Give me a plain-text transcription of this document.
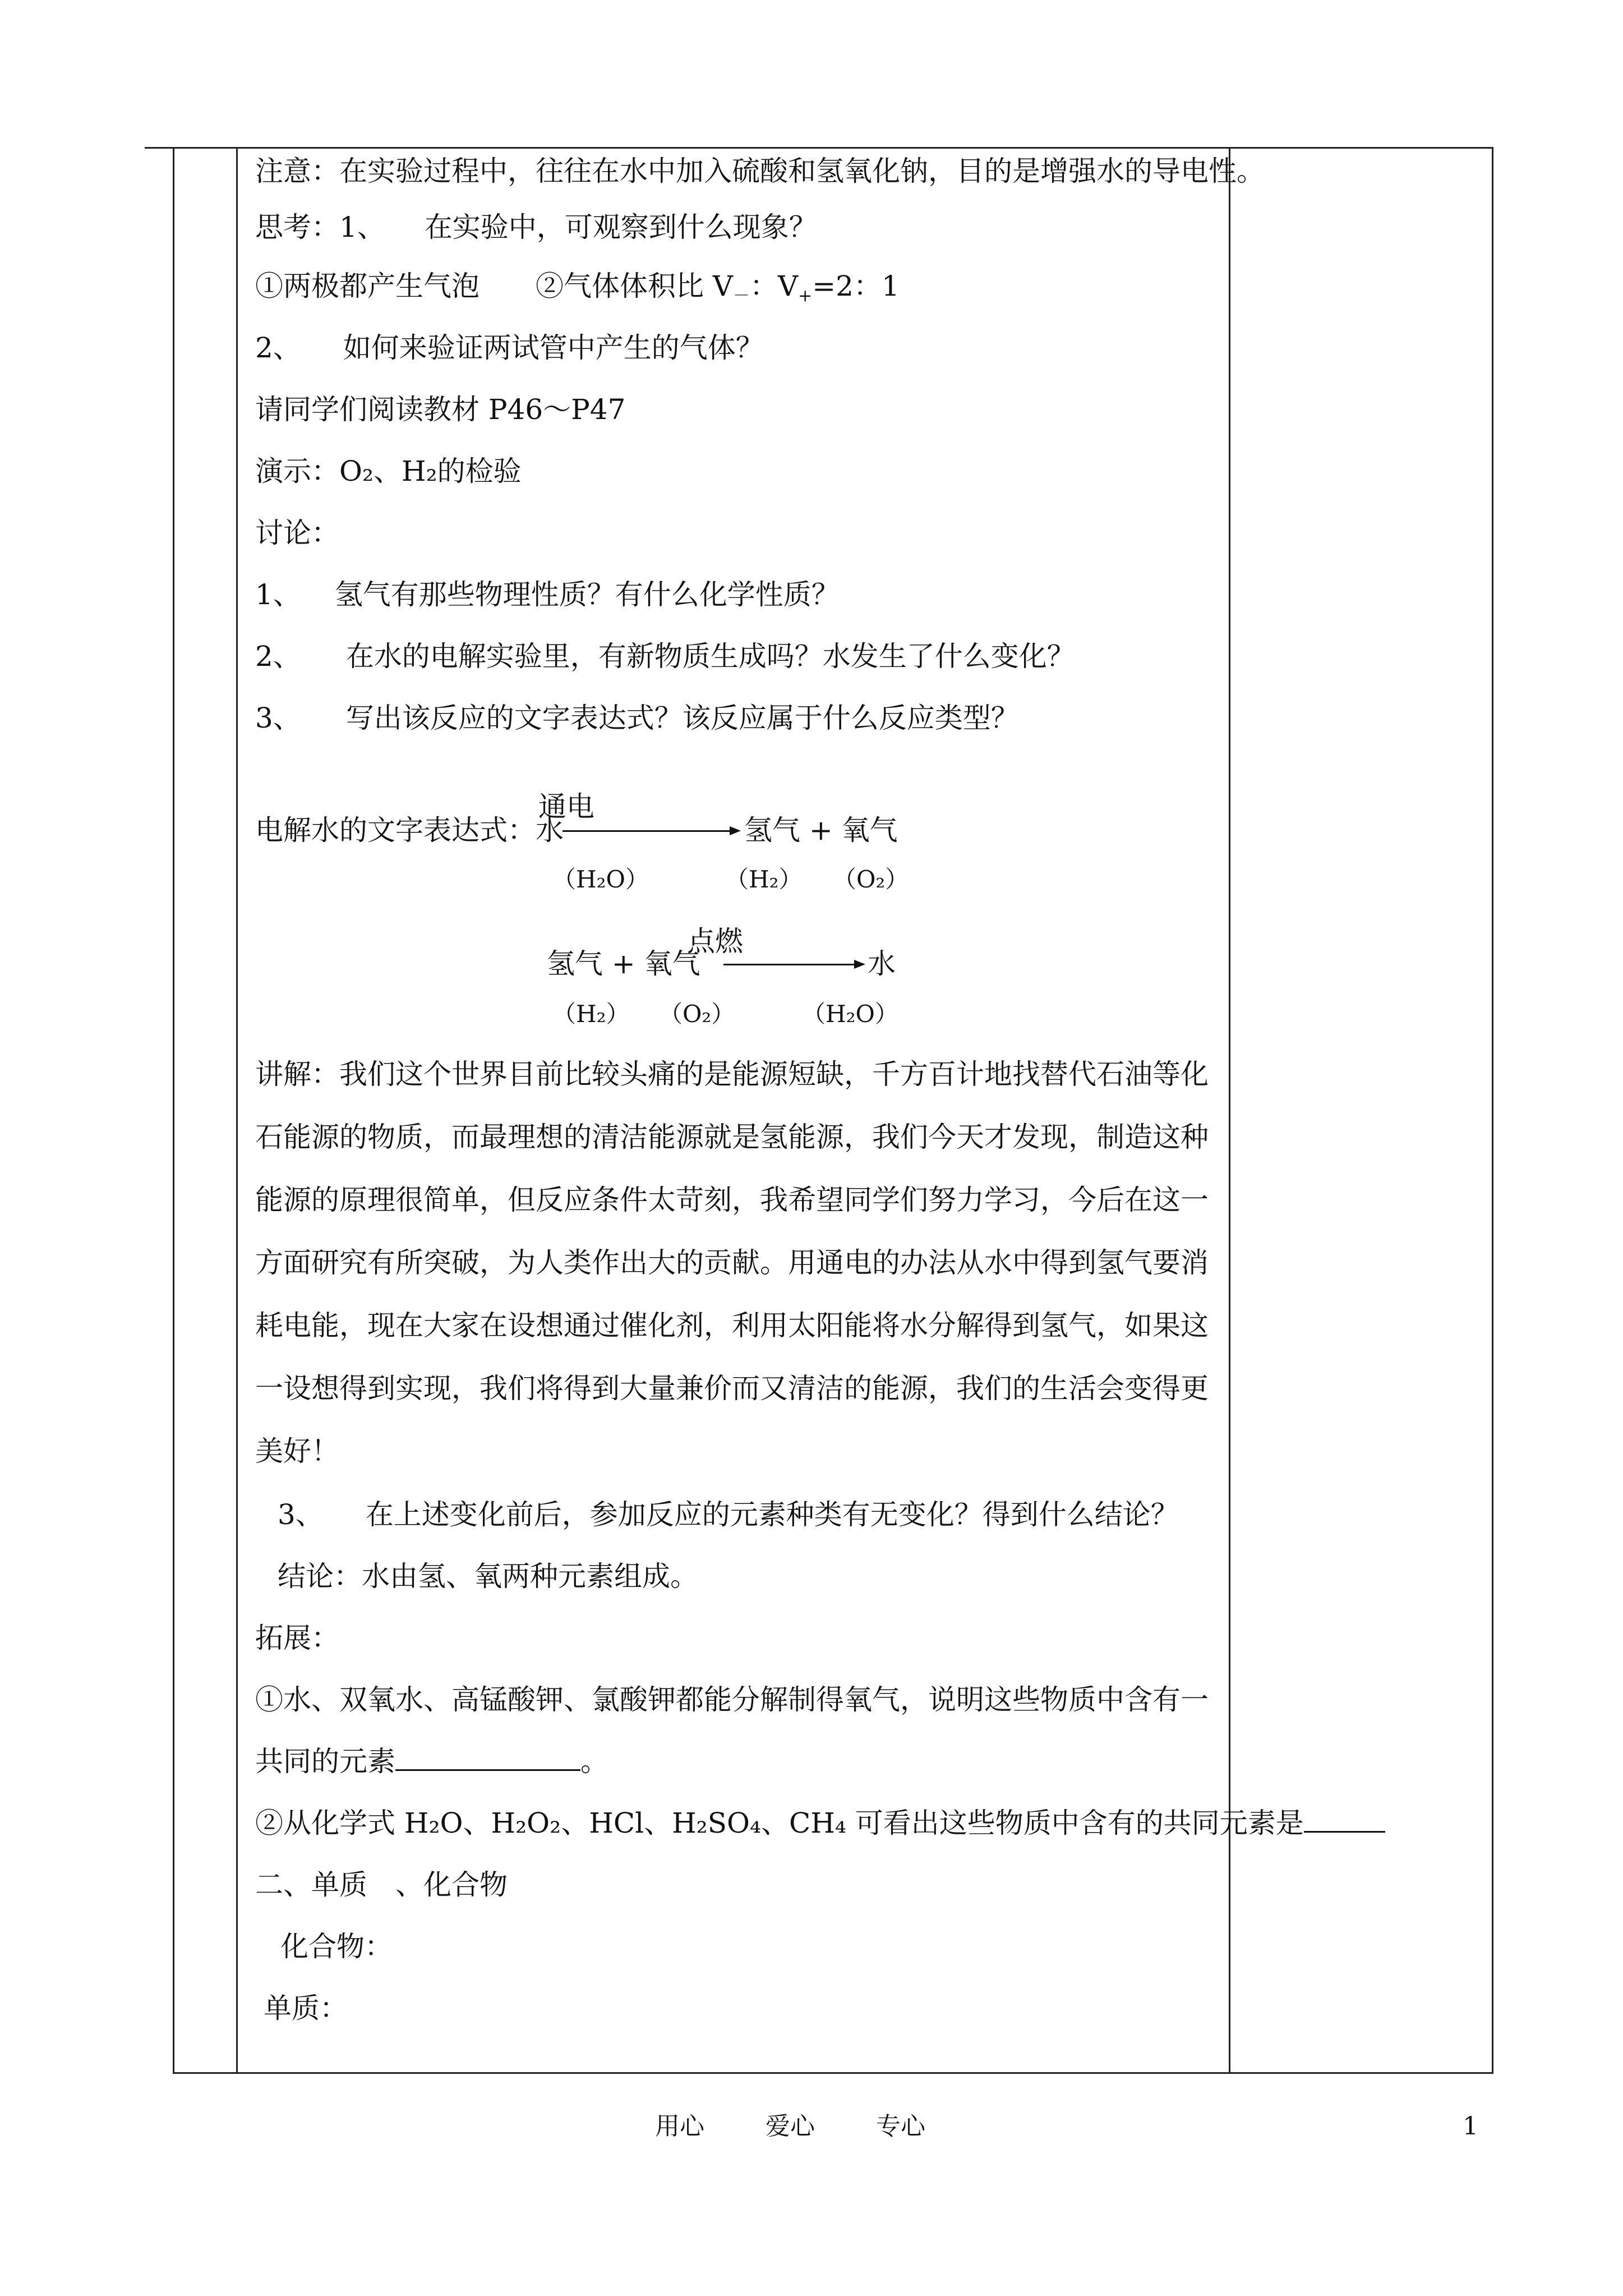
注意：在实验过程中，往往在水中加入硫酸和氢氧化钠，目的是增强水的导电性。
思考：1、 在实验中，可观察到什么现象？
①两极都产生气泡 ②气体体积比 $V_-$：$V_+=2$：1
2、 如何来验证两试管中产生的气体？
请同学们阅读教材 P46～P47
演示：O₂、H₂的检验
讨论：
1、 氢气有那些物理性质？有什么化学性质？
2、 在水的电解实验里，有新物质生成吗？水发生了什么变化？
3、 写出该反应的文字表达式？该反应属于什么反应类型？
电解水的文字表达式： 水
通电
氢气 + 氧气
（H₂O）	（H₂） （O₂）
氢气 + 氧气
点燃
水
（H₂） （O₂）	（H₂O）
讲解：我们这个世界目前比较头痛的是能源短缺，千方百计地找替代石油等化
石能源的物质，而最理想的清洁能源就是氢能源，我们今天才发现，制造这种
能源的原理很简单，但反应条件太苛刻，我希望同学们努力学习，今后在这一
方面研究有所突破，为人类作出大的贡献。用通电的办法从水中得到氢气要消
耗电能，现在大家在设想通过催化剂，利用太阳能将水分解得到氢气，如果这
一设想得到实现，我们将得到大量兼价而又清洁的能源，我们的生活会变得更
美好！
3、 在上述变化前后，参加反应的元素种类有无变化？得到什么结论？
结论：水由氢、氧两种元素组成。
拓展：
①水、双氧水、高锰酸钾、氯酸钾都能分解制得氧气，说明这些物质中含有一
共同的元素	。
②从化学式 H₂O、H₂O₂、HCl、H₂SO₄、CH₄ 可看出这些物质中含有的共同元素是
二、单质　、化合物
化合物：
单质：
用心 爱心 专心	1
